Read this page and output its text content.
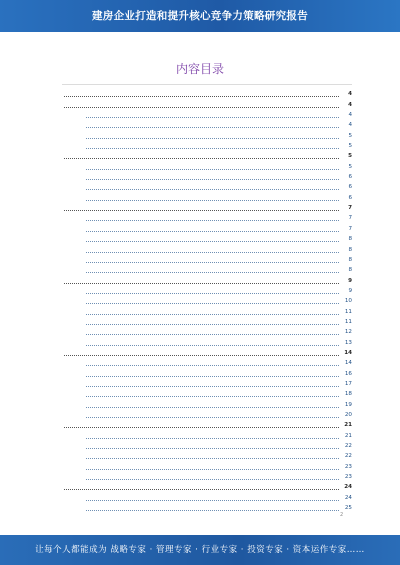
建房企业打造和提升核心竞争力策略研究报告
内容目录
4
4
4
4
5
5
5
5
6
6
6
7
7
7
8
8
8
8
9
9
10
11
11
12
13
14
14
16
17
18
19
20
21
21
22
22
23
23
24
24
25
2
让每个人都能成为 战略专家 · 管理专家 · 行业专家 · 投资专家 · 资本运作专家……
